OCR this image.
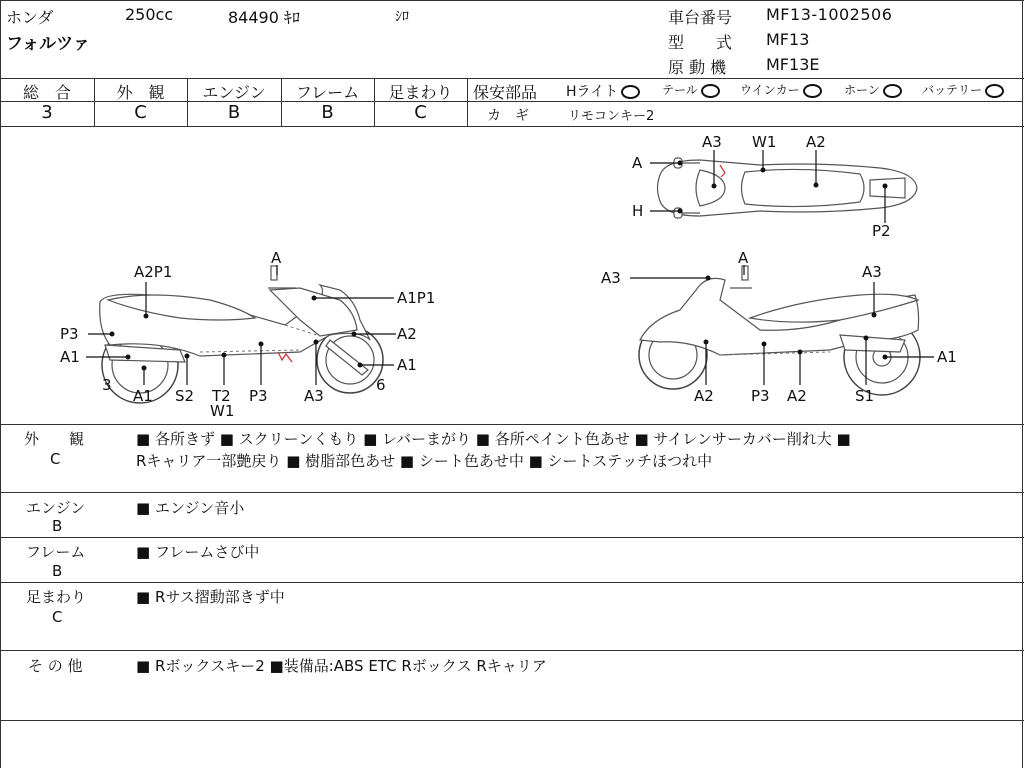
ホンダ	250cc	84490 ｷﾛ	ｼﾛ
フォルツァ
車台番号 MF13-1002506
型　　式 MF13
原 動 機 MF13E
総　合	外　観	エンジン	フレーム	足まわり
3	C	B	B	C
保安部品 Hライト	テール	ウインカー	ホーン	バッテリー
カ　ギ	リモコンキー2
A3 W1 A2
A
H
P2
A
A2P1
A1P1
P3	A2
A1	A1
3	6
A1 S2 T2
W1
P3 A3
A
A3	A3
A1
A2 P3 A2	S1
外　　観
C
■ 各所きず ■ スクリーンくもり ■ レバーまがり ■ 各所ペイント色あせ ■ サイレンサーカバー削れ大 ■
Rキャリア一部艶戻り ■ 樹脂部色あせ ■ シート色あせ中 ■ シートステッチほつれ中
エンジン
B
■ エンジン音小
フレーム
B
■ フレームさび中
足まわり
C
■ Rサス摺動部きず中
そ の 他	■ Rボックスキー2 ■装備品:ABS ETC Rボックス Rキャリア
